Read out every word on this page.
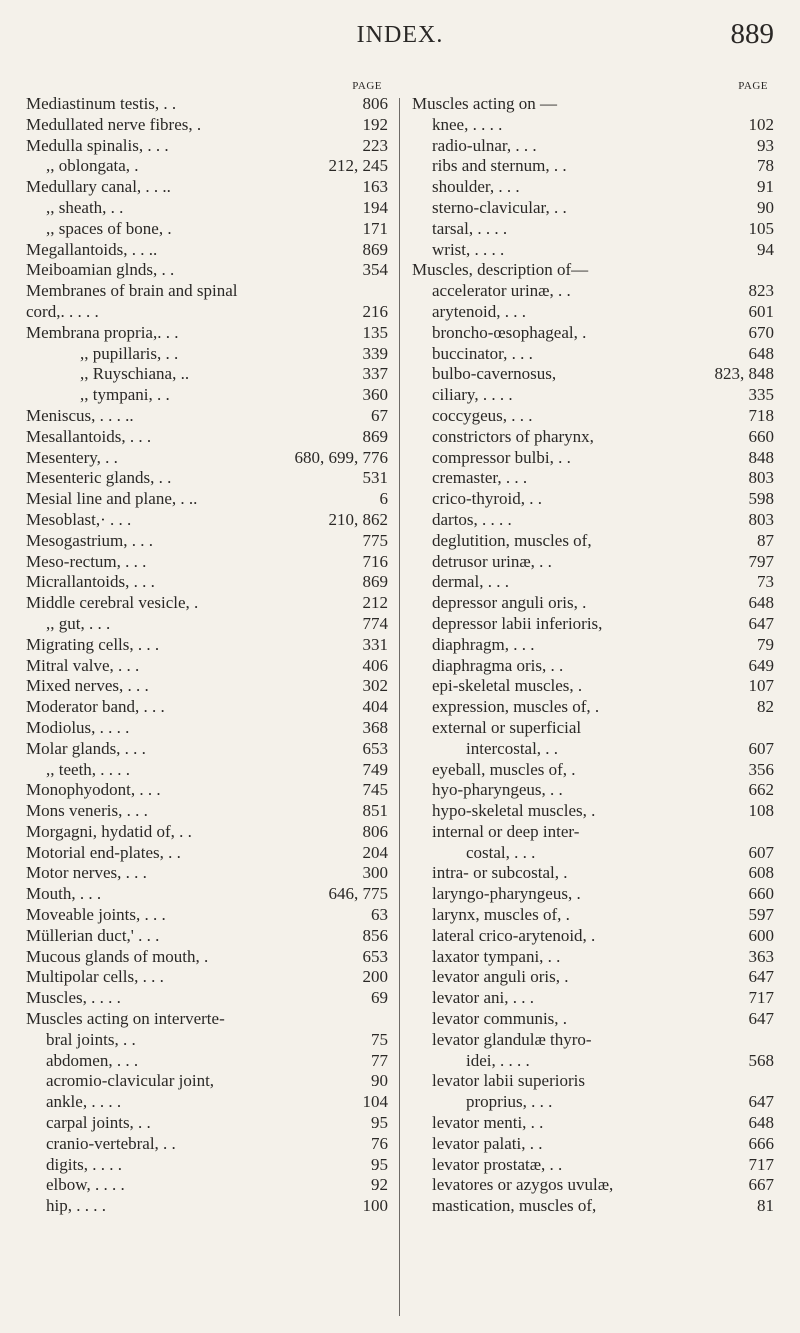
INDEX.	889
PAGE
Mediastinum testis, . .	806
Medullated nerve fibres, .	192
Medulla spinalis, . . .	223
,, oblongata, .	212, 245
Medullary canal, . . ..	163
,, sheath, . .	194
,, spaces of bone, .	171
Megallantoids, . . ..	869
Meiboamian glnds, . .	354
Membranes of brain and spinal
cord,. . . . .	216
Membrana propria,. . .	135
,, pupillaris, . .	339
,, Ruyschiana, ..	337
,, tympani, . .	360
Meniscus, . . . ..	67
Mesallantoids, . . .	869
Mesentery, . .	680, 699, 776
Mesenteric glands, . .	531
Mesial line and plane, . ..	6
Mesoblast,· . . .	210, 862
Mesogastrium, . . .	775
Meso-rectum, . . .	716
Micrallantoids, . . .	869
Middle cerebral vesicle, .	212
,, gut, . . .	774
Migrating cells, . . .	331
Mitral valve, . . .	406
Mixed nerves, . . .	302
Moderator band, . . .	404
Modiolus, . . . .	368
Molar glands, . . .	653
,, teeth, . . . .	749
Monophyodont, . . .	745
Mons veneris, . . .	851
Morgagni, hydatid of, . .	806
Motorial end-plates, . .	204
Motor nerves, . . .	300
Mouth, . . .	646, 775
Moveable joints, . . .	63
Müllerian duct,' . . .	856
Mucous glands of mouth, .	653
Multipolar cells, . . .	200
Muscles, . . . .	69
Muscles acting on interverte-
bral joints, . .	75
abdomen, . . .	77
acromio-clavicular joint,	90
ankle, . . . .	104
carpal joints, . .	95
cranio-vertebral, . .	76
digits, . . . .	95
elbow, . . . .	92
hip, . . . .	100
PAGE
Muscles acting on —
knee, . . . .	102
radio-ulnar, . . .	93
ribs and sternum, . .	78
shoulder, . . .	91
sterno-clavicular, . .	90
tarsal, . . . .	105
wrist, . . . .	94
Muscles, description of—
accelerator urinæ, . .	823
arytenoid, . . .	601
broncho-œsophageal, .	670
buccinator, . . .	648
bulbo-cavernosus,	823, 848
ciliary, . . . .	335
coccygeus, . . .	718
constrictors of pharynx,	660
compressor bulbi, . .	848
cremaster, . . .	803
crico-thyroid, . .	598
dartos, . . . .	803
deglutition, muscles of,	87
detrusor urinæ, . .	797
dermal, . . .	73
depressor anguli oris, .	648
depressor labii inferioris,	647
diaphragm, . . .	79
diaphragma oris, . .	649
epi-skeletal muscles, .	107
expression, muscles of, .	82
external or superficial
intercostal, . .	607
eyeball, muscles of, .	356
hyo-pharyngeus, . .	662
hypo-skeletal muscles, .	108
internal or deep inter-
costal, . . .	607
intra- or subcostal, .	608
laryngo-pharyngeus, .	660
larynx, muscles of, .	597
lateral crico-arytenoid, .	600
laxator tympani, . .	363
levator anguli oris, .	647
levator ani, . . .	717
levator communis, .	647
levator glandulæ thyro-
idei, . . . .	568
levator labii superioris
proprius, . . .	647
levator menti, . .	648
levator palati, . .	666
levator prostatæ, . .	717
levatores or azygos uvulæ,	667
mastication, muscles of,	81
